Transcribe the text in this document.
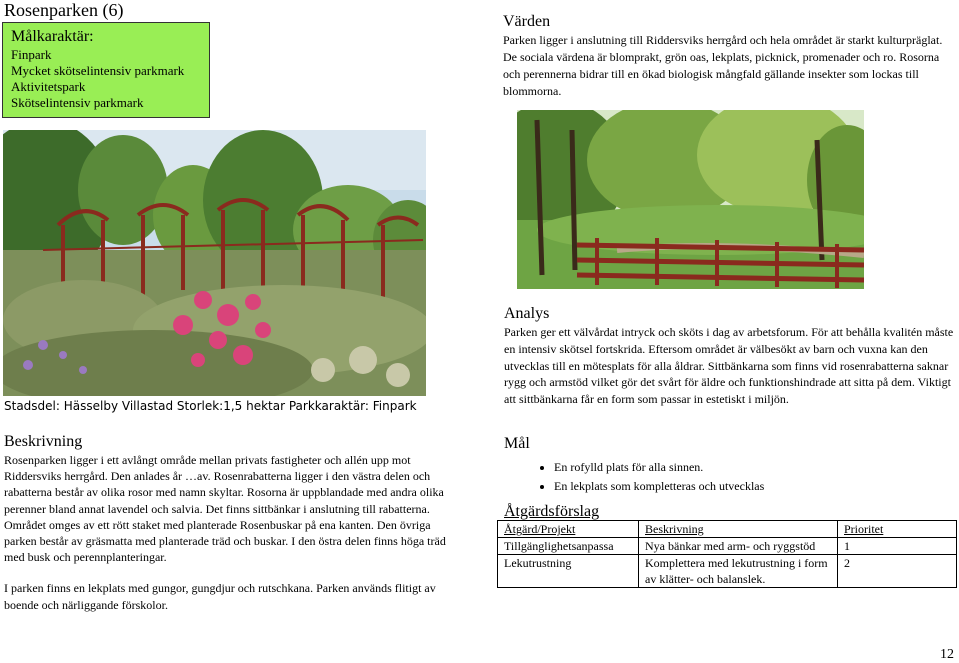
Rosenparken (6)
Målkaraktär:
Finpark
Mycket skötselintensiv parkmark
Aktivitetspark
Skötselintensiv parkmark
Värden
Parken ligger i anslutning till Riddersviks herrgård och hela området är starkt kulturpräglat. De sociala värdena är blomprakt, grön oas, lekplats, picknick, promenader och ro. Rosorna och perennerna bidrar till en ökad biologisk mångfald gällande insekter som lockas till blommorna.
Stadsdel: Hässelby Villastad Storlek:1,5 hektar Parkkaraktär: Finpark
Beskrivning
Rosenparken ligger i ett avlångt område mellan privats fastigheter och allén upp mot Riddersviks herrgård. Den anlades år …av. Rosenrabatterna ligger i den västra delen och rabatterna består av olika rosor med namn skyltar. Rosorna är uppblandade med andra olika perenner bland annat lavendel och salvia. Det finns sittbänkar i anslutning till rabatterna. Området omges av ett rött staket med planterade Rosenbuskar på ena kanten. Den övriga parken består av gräsmatta med planterade träd och buskar. I den östra delen finns höga träd med busk och perennplanteringar.
I parken finns en lekplats med gungor, gungdjur och rutschkana. Parken används flitigt av boende och närliggande förskolor.
Analys
Parken ger ett välvårdat intryck och sköts i dag av arbetsforum. För att behålla kvalitén måste en intensiv skötsel fortskrida. Eftersom området är välbesökt av barn och vuxna kan den utvecklas till en mötesplats för alla åldrar. Sittbänkarna som finns vid rosenrabatterna saknar rygg och armstöd vilket gör det svårt för äldre och funktionshindrade att sitta på dem. Viktigt att sittbänkarna får en form som passar in estetiskt i miljön.
Mål
• En rofylld plats för alla sinnen.
• En lekplats som kompletteras och utvecklas
Åtgärdsförslag
Åtgärd/Projekt	Beskrivning	Prioritet
Tillgänglighetsanpassa	Nya bänkar med arm- och ryggstöd	1
Lekutrustning	Komplettera med lekutrustning i form av klätter- och balanslek.	2
12
